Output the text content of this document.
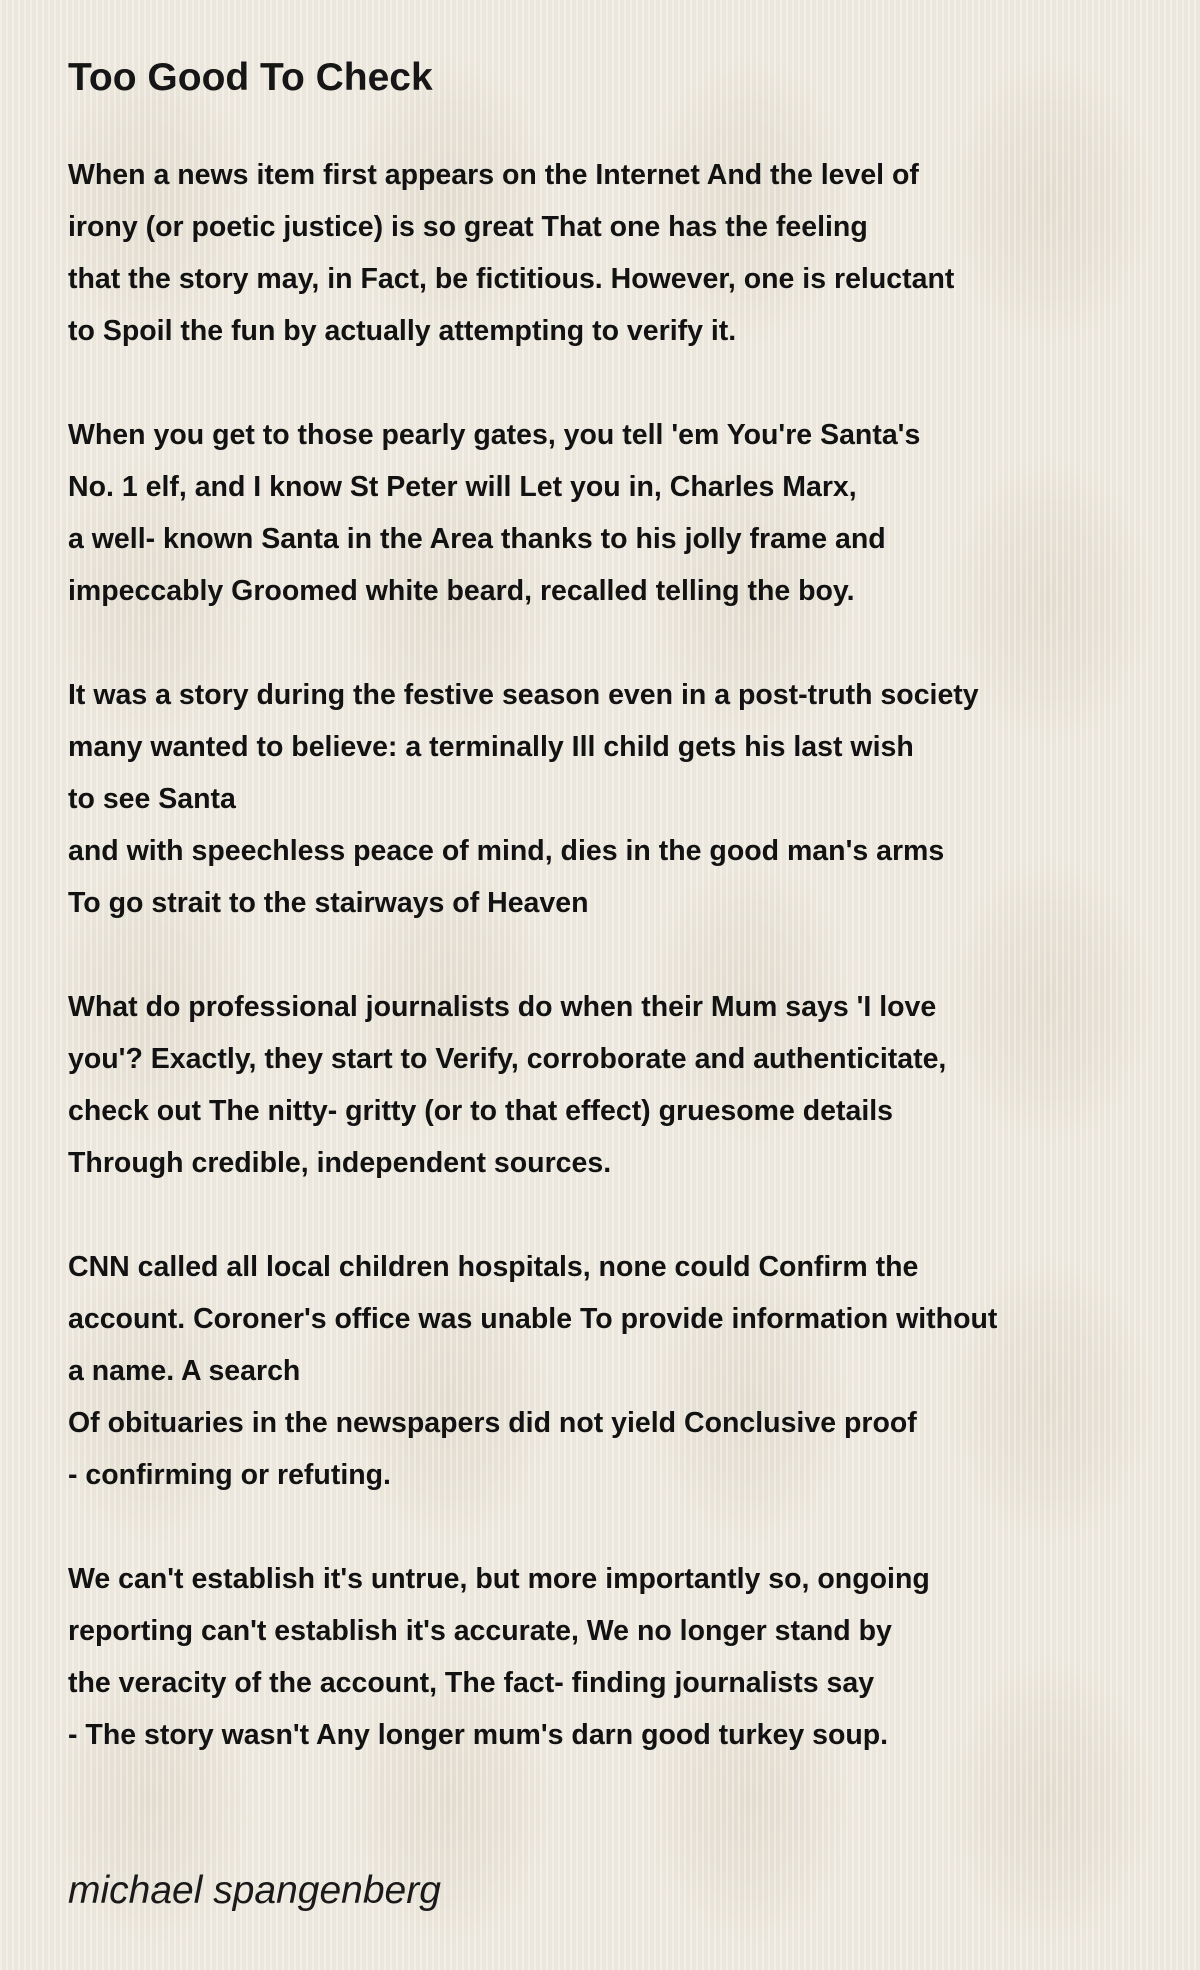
Too Good To Check
When a news item first appears on the Internet And the level of
irony (or poetic justice) is so great That one has the feeling
that the story may, in Fact, be fictitious. However, one is reluctant
to Spoil the fun by actually attempting to verify it.
When you get to those pearly gates, you tell 'em You're Santa's
No. 1 elf, and I know St Peter will Let you in, Charles Marx,
a well- known Santa in the Area thanks to his jolly frame and
impeccably Groomed white beard, recalled telling the boy.
It was a story during the festive season even in a post-truth society
many wanted to believe: a terminally Ill child gets his last wish
to see Santa
and with speechless peace of mind, dies in the good man's arms
To go strait to the stairways of Heaven
What do professional journalists do when their Mum says 'I love
you'? Exactly, they start to Verify, corroborate and authenticitate,
check out The nitty- gritty (or to that effect) gruesome details
Through credible, independent sources.
CNN called all local children hospitals, none could Confirm the
account. Coroner's office was unable To provide information without
a name. A search
Of obituaries in the newspapers did not yield Conclusive proof
- confirming or refuting.
We can't establish it's untrue, but more importantly so, ongoing
reporting can't establish it's accurate, We no longer stand by
the veracity of the account, The fact- finding journalists say
- The story wasn't Any longer mum's darn good turkey soup.
michael spangenberg
